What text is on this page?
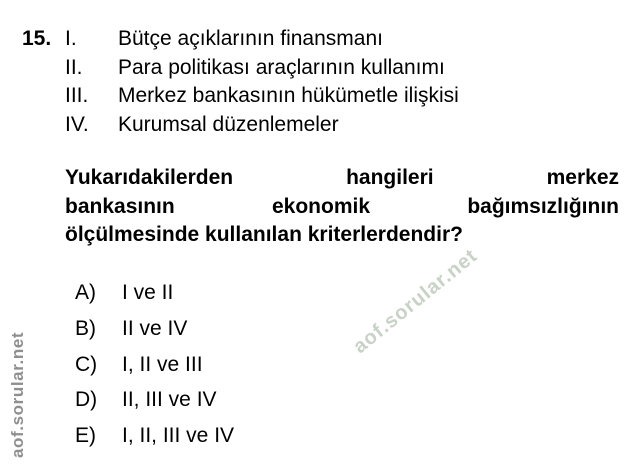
15. I.	Bütçe açıklarının finansmanı
II.	Para politikası araçlarının kullanımı
III.	Merkez bankasının hükümetle ilişkisi
IV.	Kurumsal düzenlemeler
Yukarıdakilerden hangileri merkez
bankasının ekonomik bağımsızlığının
ölçülmesinde kullanılan kriterlerdendir?
A)	I ve II
B)	II ve IV
C)	I, II ve III
D)	II, III ve IV
E)	I, II, III ve IV
aof.sorular.net
aof.sorular.net
